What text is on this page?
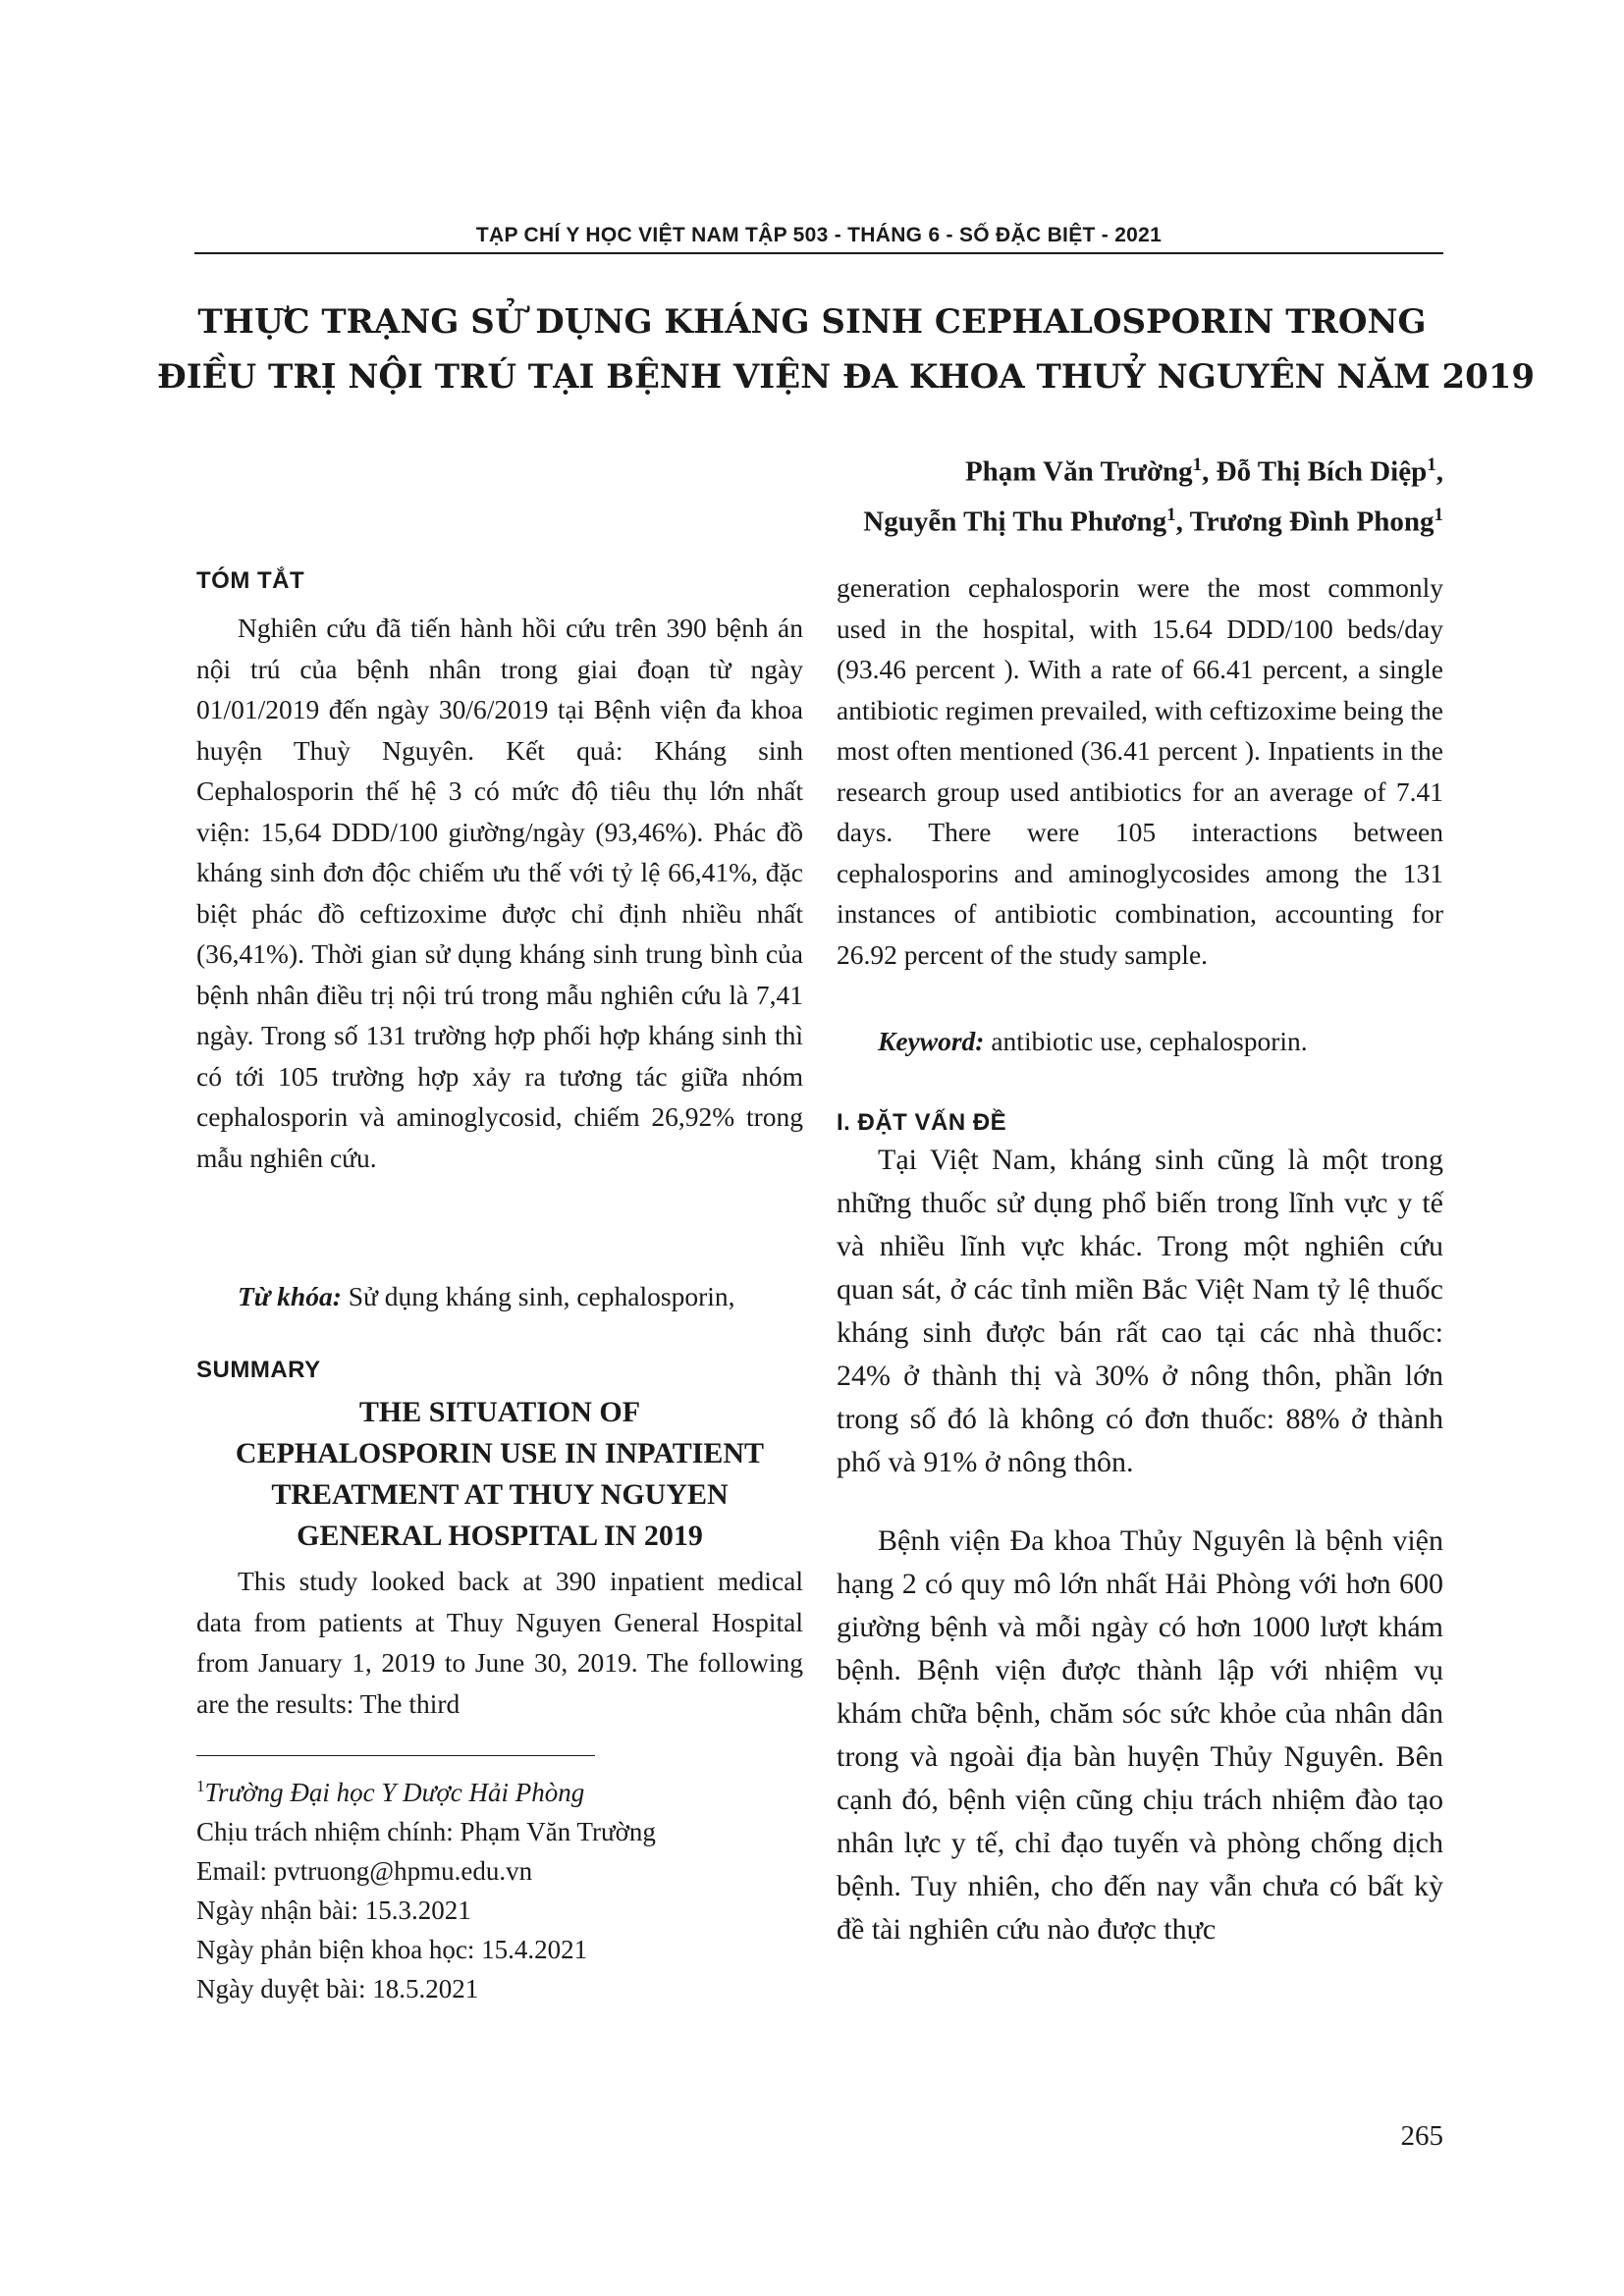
TẠP CHÍ Y HỌC VIỆT NAM TẬP 503 - THÁNG 6 - SỐ ĐẶC BIỆT - 2021
THỰC TRẠNG SỬ DỤNG KHÁNG SINH CEPHALOSPORIN TRONG
ĐIỀU TRỊ NỘI TRÚ TẠI BỆNH VIỆN ĐA KHOA THUỶ NGUYÊN NĂM 2019
Phạm Văn Trường$^1$, Đỗ Thị Bích Diệp$^1$,
Nguyễn Thị Thu Phương$^1$, Trương Đình Phong$^1$
TÓM TẮT

Nghiên cứu đã tiến hành hồi cứu trên 390 bệnh án nội trú của bệnh nhân trong giai đoạn từ ngày 01/01/2019 đến ngày 30/6/2019 tại Bệnh viện đa khoa huyện Thuỳ Nguyên. Kết quả: Kháng sinh Cephalosporin thế hệ 3 có mức độ tiêu thụ lớn nhất viện: 15,64 DDD/100 giường/ngày (93,46%). Phác đồ kháng sinh đơn độc chiếm ưu thế với tỷ lệ 66,41%, đặc biệt phác đồ ceftizoxime được chỉ định nhiều nhất (36,41%). Thời gian sử dụng kháng sinh trung bình của bệnh nhân điều trị nội trú trong mẫu nghiên cứu là 7,41 ngày. Trong số 131 trường hợp phối hợp kháng sinh thì có tới 105 trường hợp xảy ra tương tác giữa nhóm cephalosporin và aminoglycosid, chiếm 26,92% trong mẫu nghiên cứu.

Từ khóa: Sử dụng kháng sinh, cephalosporin,

SUMMARY
THE SITUATION OF
CEPHALOSPORIN USE IN INPATIENT
TREATMENT AT THUY NGUYEN
GENERAL HOSPITAL IN 2019

This study looked back at 390 inpatient medical data from patients at Thuy Nguyen General Hospital from January 1, 2019 to June 30, 2019. The following are the results: The third

$^1$Trường Đại học Y Dược Hải Phòng
Chịu trách nhiệm chính: Phạm Văn Trường
Email: pvtruong@hpmu.edu.vn
Ngày nhận bài: 15.3.2021
Ngày phản biện khoa học: 15.4.2021
Ngày duyệt bài: 18.5.2021

generation cephalosporin were the most commonly used in the hospital, with 15.64 DDD/100 beds/day (93.46 percent ). With a rate of 66.41 percent, a single antibiotic regimen prevailed, with ceftizoxime being the most often mentioned (36.41 percent ). Inpatients in the research group used antibiotics for an average of 7.41 days. There were 105 interactions between cephalosporins and aminoglycosides among the 131 instances of antibiotic combination, accounting for 26.92 percent of the study sample.

Keyword: antibiotic use, cephalosporin.

I. ĐẶT VẤN ĐỀ

Tại Việt Nam, kháng sinh cũng là một trong những thuốc sử dụng phổ biến trong lĩnh vực y tế và nhiều lĩnh vực khác. Trong một nghiên cứu quan sát, ở các tỉnh miền Bắc Việt Nam tỷ lệ thuốc kháng sinh được bán rất cao tại các nhà thuốc: 24% ở thành thị và 30% ở nông thôn, phần lớn trong số đó là không có đơn thuốc: 88% ở thành phố và 91% ở nông thôn.

Bệnh viện Đa khoa Thủy Nguyên là bệnh viện hạng 2 có quy mô lớn nhất Hải Phòng với hơn 600 giường bệnh và mỗi ngày có hơn 1000 lượt khám bệnh. Bệnh viện được thành lập với nhiệm vụ khám chữa bệnh, chăm sóc sức khỏe của nhân dân trong và ngoài địa bàn huyện Thủy Nguyên. Bên cạnh đó, bệnh viện cũng chịu trách nhiệm đào tạo nhân lực y tế, chỉ đạo tuyến và phòng chống dịch bệnh. Tuy nhiên, cho đến nay vẫn chưa có bất kỳ đề tài nghiên cứu nào được thực

265
